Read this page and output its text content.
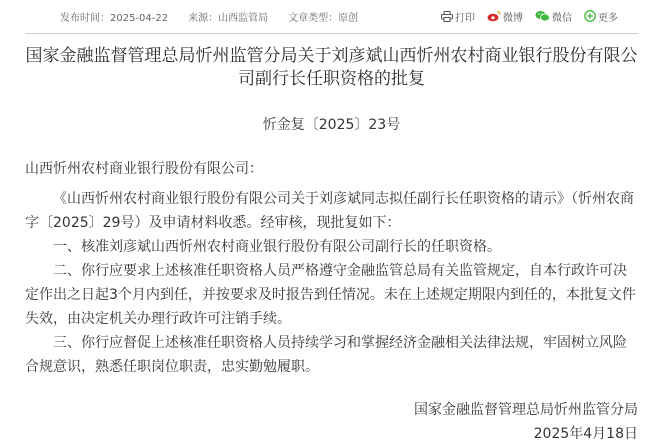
发布时间：2025-04-22 来源：山西监管局 文章类型：原创	打印	微博	微信	更多
国家金融监督管理总局忻州监管分局关于刘彦斌山西忻州农村商业银行股份有限公司副行长任职资格的批复
忻金复〔2025〕23号

山西忻州农村商业银行股份有限公司：

《山西忻州农村商业银行股份有限公司关于刘彦斌同志拟任副行长任职资格的请示》（忻州农商字〔2025〕29号）及申请材料收悉。经审核，现批复如下：

一、核准刘彦斌山西忻州农村商业银行股份有限公司副行长的任职资格。

二、你行应要求上述核准任职资格人员严格遵守金融监管总局有关监管规定，自本行政许可决定作出之日起3个月内到任，并按要求及时报告到任情况。未在上述规定期限内到任的，本批复文件失效，由决定机关办理行政许可注销手续。

三、你行应督促上述核准任职资格人员持续学习和掌握经济金融相关法律法规，牢固树立风险合规意识，熟悉任职岗位职责，忠实勤勉履职。

国家金融监督管理总局忻州监管分局
2025年4月18日
